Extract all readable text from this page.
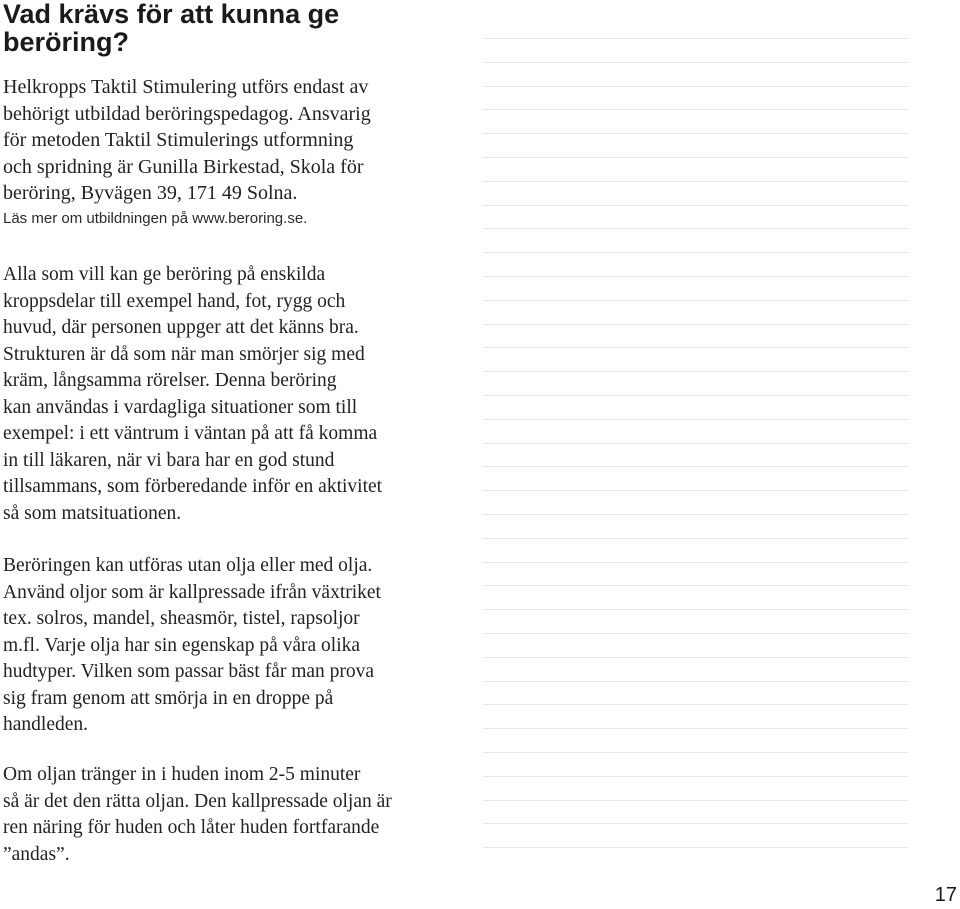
Vad krävs för att kunna ge beröring?

Helkropps Taktil Stimulering utförs endast av
behörigt utbildad beröringspedagog. Ansvarig
för metoden Taktil Stimulerings utformning
och spridning är Gunilla Birkestad, Skola för
beröring, Byvägen 39, 171 49 Solna.

Läs mer om utbildningen på www.beroring.se.

Alla som vill kan ge beröring på enskilda
kroppsdelar till exempel hand, fot, rygg och
huvud, där personen uppger att det känns bra.
Strukturen är då som när man smörjer sig med
kräm, långsamma rörelser. Denna beröring
kan användas i vardagliga situationer som till
exempel: i ett väntrum i väntan på att få komma
in till läkaren, när vi bara har en god stund
tillsammans, som förberedande inför en aktivitet
så som matsituationen.

Beröringen kan utföras utan olja eller med olja.
Använd oljor som är kallpressade ifrån växtriket
tex. solros, mandel, sheasmör, tistel, rapsoljor
m.fl. Varje olja har sin egenskap på våra olika
hudtyper. Vilken som passar bäst får man prova
sig fram genom att smörja in en droppe på
handleden.

Om oljan tränger in i huden inom 2-5 minuter
så är det den rätta oljan. Den kallpressade oljan är
ren näring för huden och låter huden fortfarande
”andas”.

17
